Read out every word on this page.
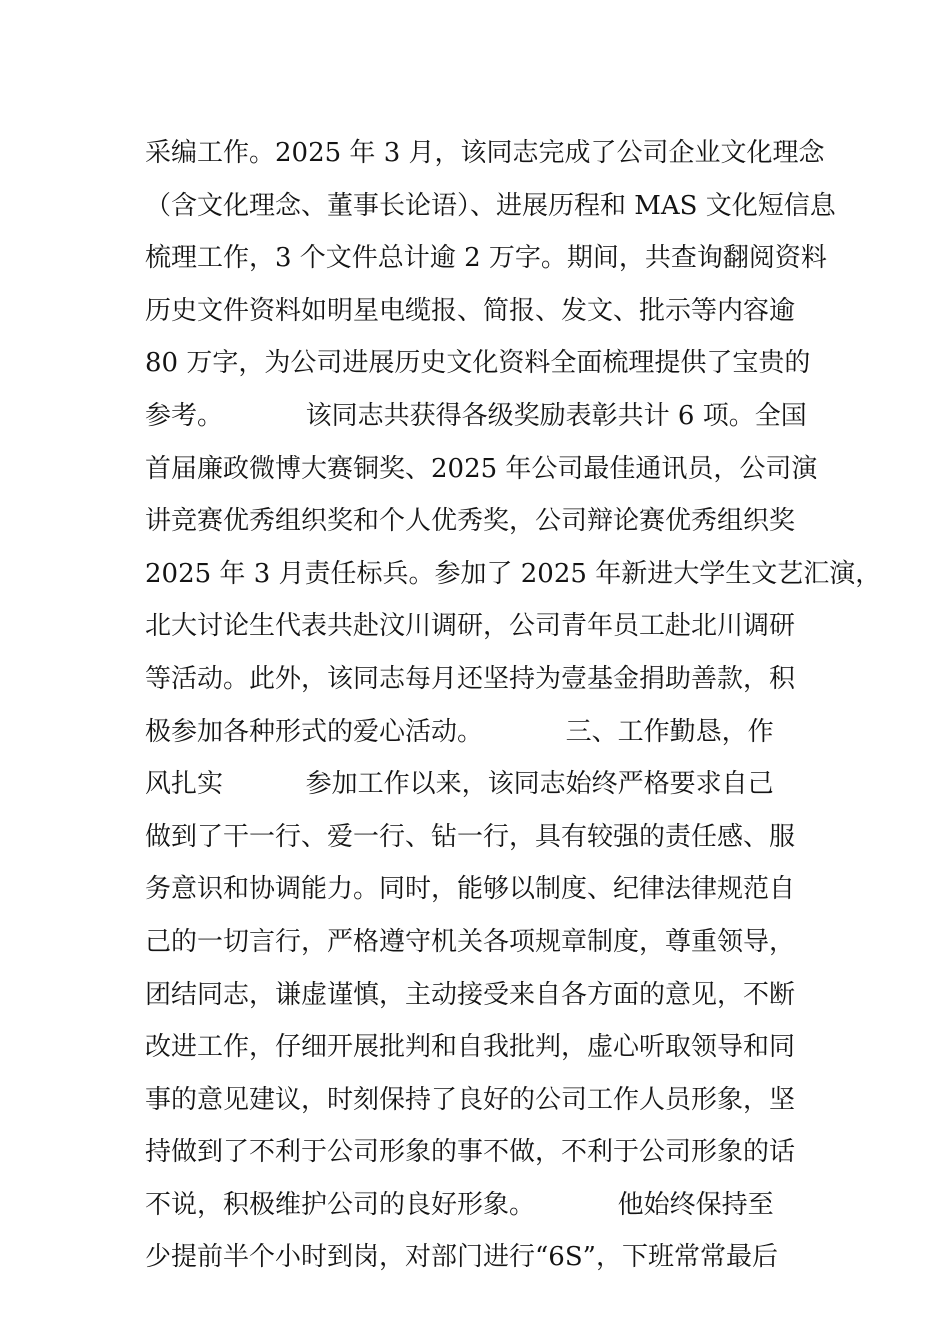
采编工作。2025 年 3 月，该同志完成了公司企业文化理念
（含文化理念、董事长论语）、进展历程和 MAS 文化短信息
梳理工作，3 个文件总计逾 2 万字。期间，共查询翻阅资料
历史文件资料如明星电缆报、简报、发文、批示等内容逾
80 万字，为公司进展历史文化资料全面梳理提供了宝贵的
参考。          该同志共获得各级奖励表彰共计 6 项。全国
首届廉政微博大赛铜奖、2025 年公司最佳通讯员，公司演
讲竞赛优秀组织奖和个人优秀奖，公司辩论赛优秀组织奖
2025 年 3 月责任标兵。参加了 2025 年新进大学生文艺汇演，
北大讨论生代表共赴汶川调研，公司青年员工赴北川调研
等活动。此外，该同志每月还坚持为壹基金捐助善款，积
极参加各种形式的爱心活动。          三、工作勤恳，作
风扎实          参加工作以来，该同志始终严格要求自己
做到了干一行、爱一行、钻一行，具有较强的责任感、服
务意识和协调能力。同时，能够以制度、纪律法律规范自
己的一切言行，严格遵守机关各项规章制度，尊重领导，
团结同志，谦虚谨慎，主动接受来自各方面的意见，不断
改进工作，仔细开展批判和自我批判，虚心听取领导和同
事的意见建议，时刻保持了良好的公司工作人员形象，坚
持做到了不利于公司形象的事不做，不利于公司形象的话
不说，积极维护公司的良好形象。          他始终保持至
少提前半个小时到岗，对部门进行“6S”，下班常常最后
